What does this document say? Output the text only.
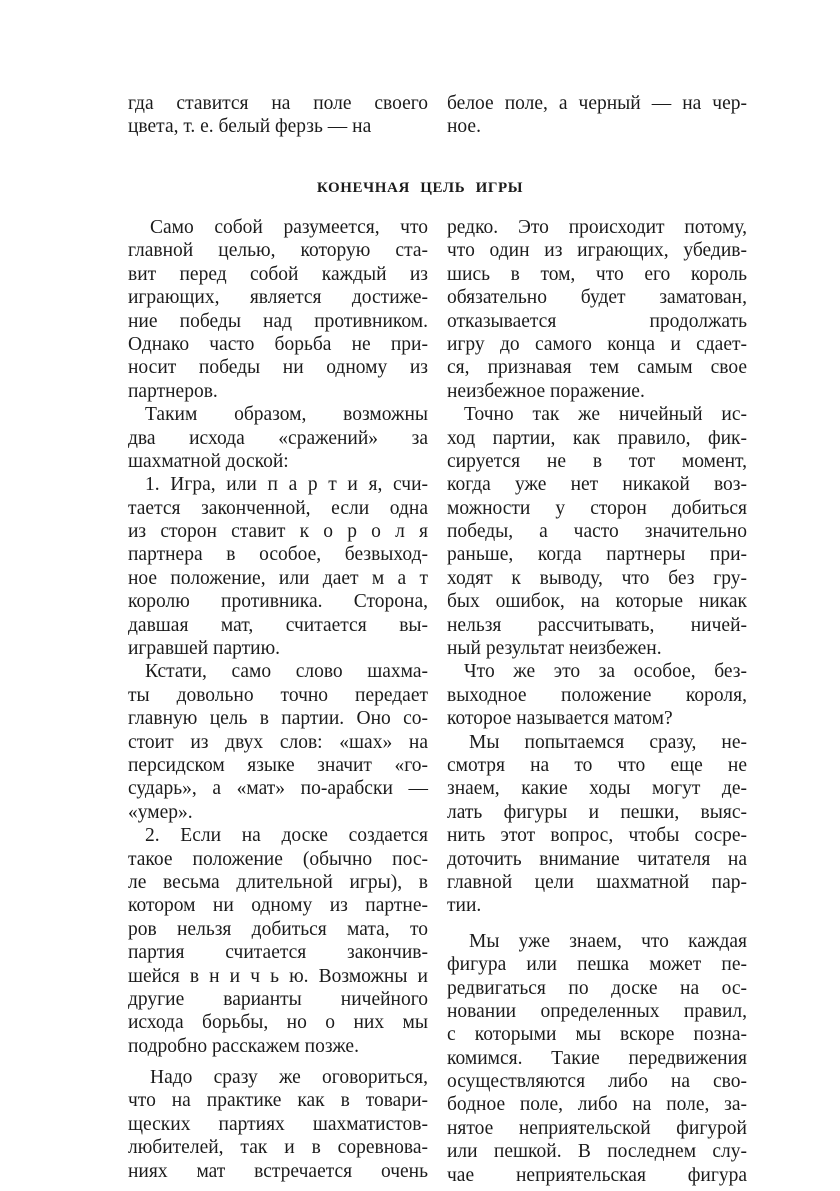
гда ставится на поле своего
цвета, т. е. белый ферзь — на
белое поле, а черный — на чер-
ное.
КОНЕЧНАЯ ЦЕЛЬ ИГРЫ
Само собой разумеется, что
главной целью, которую ста-
вит перед собой каждый из
играющих, является достиже-
ние победы над противником.
Однако часто борьба не при-
носит победы ни одному из
партнеров.
Таким образом, возможны
два исхода «сражений» за
шахматной доской:
1. Игра, или п а р т и я, счи-
тается законченной, если одна
из сторон ставит к о р о л я
партнера в особое, безвыход-
ное положение, или дает м а т
королю противника. Сторона,
давшая мат, считается вы-
игравшей партию.
Кстати, само слово шахма-
ты довольно точно передает
главную цель в партии. Оно со-
стоит из двух слов: «шах» на
персидском языке значит «го-
сударь», а «мат» по-арабски —
«умер».
2. Если на доске создается
такое положение (обычно пос-
ле весьма длительной игры), в
котором ни одному из партне-
ров нельзя добиться мата, то
партия считается закончив-
шейся в н и ч ь ю. Возможны и
другие варианты ничейного
исхода борьбы, но о них мы
подробно расскажем позже.
Надо сразу же оговориться,
что на практике как в товари-
щеских партиях шахматистов-
любителей, так и в соревнова-
ниях мат встречается очень
редко. Это происходит потому,
что один из играющих, убедив-
шись в том, что его король
обязательно будет заматован,
отказывается продолжать
игру до самого конца и сдает-
ся, признавая тем самым свое
неизбежное поражение.
Точно так же ничейный ис-
ход партии, как правило, фик-
сируется не в тот момент,
когда уже нет никакой воз-
можности у сторон добиться
победы, а часто значительно
раньше, когда партнеры при-
ходят к выводу, что без гру-
бых ошибок, на которые никак
нельзя рассчитывать, ничей-
ный результат неизбежен.
Что же это за особое, без-
выходное положение короля,
которое называется матом?
Мы попытаемся сразу, не-
смотря на то что еще не
знаем, какие ходы могут де-
лать фигуры и пешки, выяс-
нить этот вопрос, чтобы сосре-
доточить внимание читателя на
главной цели шахматной пар-
тии.
Мы уже знаем, что каждая
фигура или пешка может пе-
редвигаться по доске на ос-
новании определенных правил,
с которыми мы вскоре позна-
комимся. Такие передвижения
осуществляются либо на сво-
бодное поле, либо на поле, за-
нятое неприятельской фигурой
или пешкой. В последнем слу-
чае неприятельская фигура
